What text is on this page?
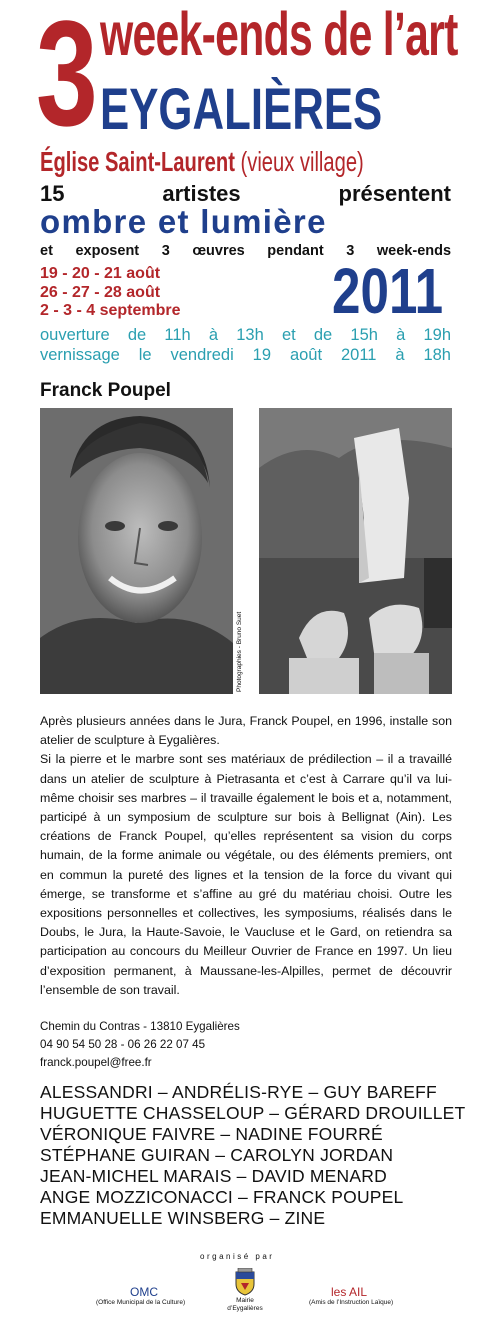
3 week-ends de l’art
EYGALIÈRES
Église Saint-Laurent (vieux village)
15	artistes	présentent
ombre et lumière
et exposent 3 œuvres pendant 3 week-ends
19 - 20 - 21 août
26 - 27 - 28 août
2 - 3 - 4 septembre 2011
ouverture de 11h à 13h et de 15h à 19h
vernissage le vendredi 19 août 2011 à 18h
Franck Poupel
Photographies - Bruno Suet

Après plusieurs années dans le Jura, Franck Poupel, en 1996, installe son atelier de sculpture à Eygalières.

Si la pierre et le marbre sont ses matériaux de prédilection – il a travaillé dans un atelier de sculpture à Pietrasanta et c’est à Carrare qu’il va lui-même choisir ses marbres – il travaille également le bois et a, notamment, participé à un symposium de sculpture sur bois à Bellignat (Ain). Les créations de Franck Poupel, qu’elles représentent sa vision du corps humain, de la forme animale ou végétale, ou des éléments premiers, ont en commun la pureté des lignes et la tension de la force du vivant qui émerge, se transforme et s’affine au gré du matériau choisi. Outre les expositions personnelles et collectives, les symposiums, réalisés dans le Doubs, le Jura, la Haute-Savoie, le Vaucluse et le Gard, on retiendra sa participation au concours du Meilleur Ouvrier de France en 1997. Un lieu d’exposition permanent, à Maussane-les-Alpilles, permet de découvrir l’ensemble de son travail.

Chemin du Contras - 13810 Eygalières
04 90 54 50 28 - 06 26 22 07 45
franck.poupel@free.fr
ALESSANDRI – ANDRÉLIS-RYE – GUY BAREFF
HUGUETTE CHASSELOUP – GÉRARD DROUILLET
VÉRONIQUE FAIVRE – NADINE FOURRÉ
STÉPHANE GUIRAN – CAROLYN JORDAN
JEAN-MICHEL MARAIS – DAVID MENARD
ANGE MOZZICONACCI – FRANCK POUPEL
EMMANUELLE WINSBERG – ZINE
organisé par
OMC
(Office Municipal de la Culture)	Mairie
d’Eygalières
les AIL
(Amis de l’Instruction Laïque)
